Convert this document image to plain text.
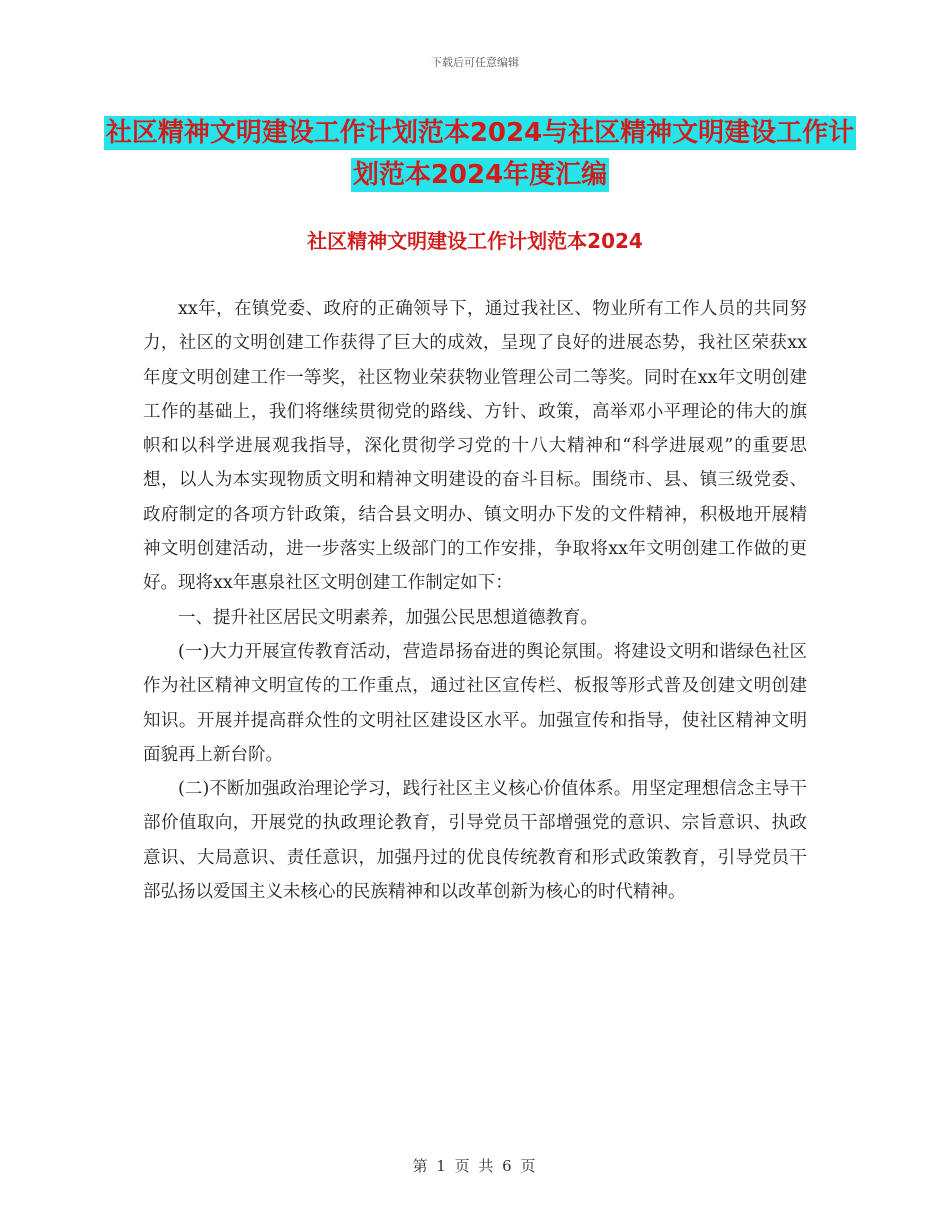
下载后可任意编辑
社区精神文明建设工作计划范本2024与社区精神文明建设工作计划范本2024年度汇编
社区精神文明建设工作计划范本2024

xx年，在镇党委、政府的正确领导下，通过我社区、物业所有工作人员的共同努力，社区的文明创建工作获得了巨大的成效，呈现了良好的进展态势，我社区荣获xx年度文明创建工作一等奖，社区物业荣获物业管理公司二等奖。同时在xx年文明创建工作的基础上，我们将继续贯彻党的路线、方针、政策，高举邓小平理论的伟大的旗帜和以科学进展观我指导，深化贯彻学习党的十八大精神和“科学进展观”的重要思想，以人为本实现物质文明和精神文明建设的奋斗目标。围绕市、县、镇三级党委、政府制定的各项方针政策，结合县文明办、镇文明办下发的文件精神，积极地开展精神文明创建活动，进一步落实上级部门的工作安排，争取将xx年文明创建工作做的更好。现将xx年惠泉社区文明创建工作制定如下：

一、提升社区居民文明素养，加强公民思想道德教育。

(一)大力开展宣传教育活动，营造昂扬奋进的舆论氛围。将建设文明和谐绿色社区作为社区精神文明宣传的工作重点，通过社区宣传栏、板报等形式普及创建文明创建知识。开展并提高群众性的文明社区建设区水平。加强宣传和指导，使社区精神文明面貌再上新台阶。

(二)不断加强政治理论学习，践行社区主义核心价值体系。用坚定理想信念主导干部价值取向，开展党的执政理论教育，引导党员干部增强党的意识、宗旨意识、执政意识、大局意识、责任意识，加强丹过的优良传统教育和形式政策教育，引导党员干部弘扬以爱国主义未核心的民族精神和以改革创新为核心的时代精神。

第 1 页 共 6 页
